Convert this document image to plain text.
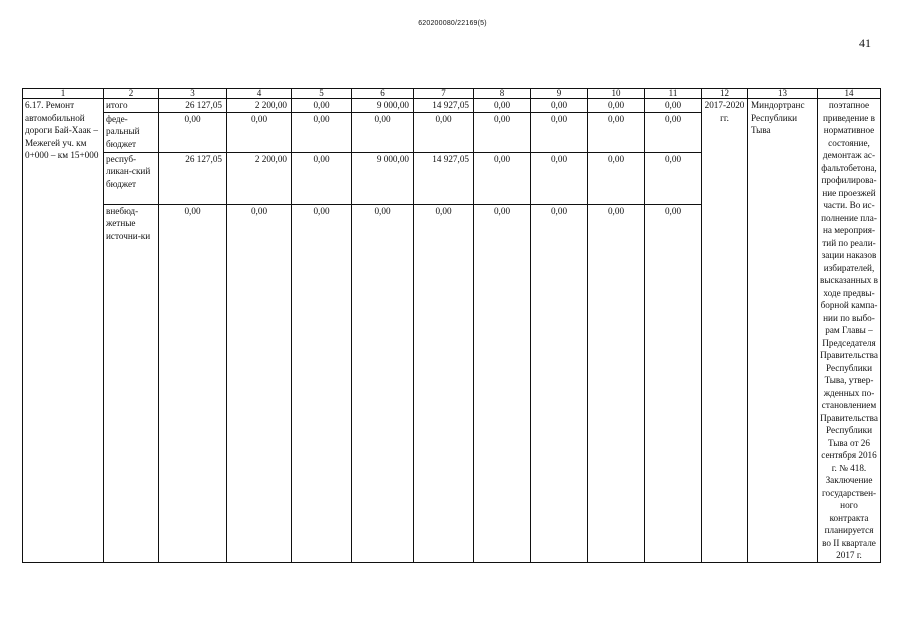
620200080/22169(5)
41
1	2	3	4	5	6	7	8	9	10	11	12	13	14
6.17. Ремонт автомобильной дороги Бай-Хаак – Межегей уч. км 0+000 – км 15+000	итого	26 127,05	2 200,00	0,00	9 000,00	14 927,05	0,00	0,00	0,00	0,00	2017-2020 гг.	Миндортранс Республики Тыва	поэтапное приведение в нормативное состояние, демонтаж ас-фальтобетона, профилирова-ние проезжей части. Во ис-полнение пла-на мероприя-тий по реали-зации наказов избирателей, высказанных в ходе предвы-борной кампа-нии по выбо-рам Главы – Председателя Правительства Республики Тыва, утвер-жденных по-становлением Правительства Республики Тыва от 26 сентября 2016 г. № 418. Заключение государствен-ного контракта планируется во II квартале 2017 г.
	феде-ральный бюджет	0,00	0,00	0,00	0,00	0,00	0,00	0,00	0,00	0,00			
	респуб-ликан-ский бюджет	26 127,05	2 200,00	0,00	9 000,00	14 927,05	0,00	0,00	0,00	0,00			
	внебюд-жетные источни-ки	0,00	0,00	0,00	0,00	0,00	0,00	0,00	0,00	0,00			
